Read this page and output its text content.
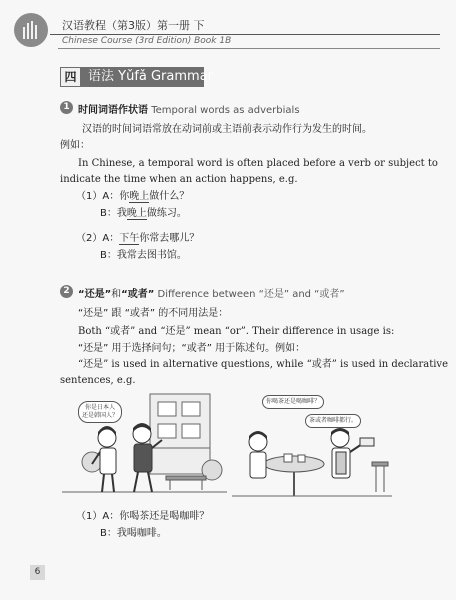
汉语教程（第3版）第一册 下
Chinese Course (3rd Edition) Book 1B
四 语法 Yǔfǎ Grammar
1 时间词语作状语 Temporal words as adverbials
汉语的时间词语常放在动词前或主语前表示动作行为发生的时间。
例如：
In Chinese, a temporal word is often placed before a verb or subject to
indicate the time when an action happens, e.g.
（1）A：你晚上做什么？
B：我晚上做练习。
（2）A：下午你常去哪儿？
B：我常去图书馆。
2 “还是”和“或者” Difference between “还是” and “或者”
“还是” 跟 “或者” 的不同用法是：
Both “或者” and “还是” mean “or”. Their difference in usage is:
“还是” 用于选择问句；“或者” 用于陈述句。例如：
“还是” is used in alternative questions, while “或者” is used in declarative
sentences, e.g.
你是日本人
还是韩国人？
你喝茶还是喝咖啡？
茶或者咖啡都行。
（1）A：你喝茶还是喝咖啡？
B：我喝咖啡。
6
